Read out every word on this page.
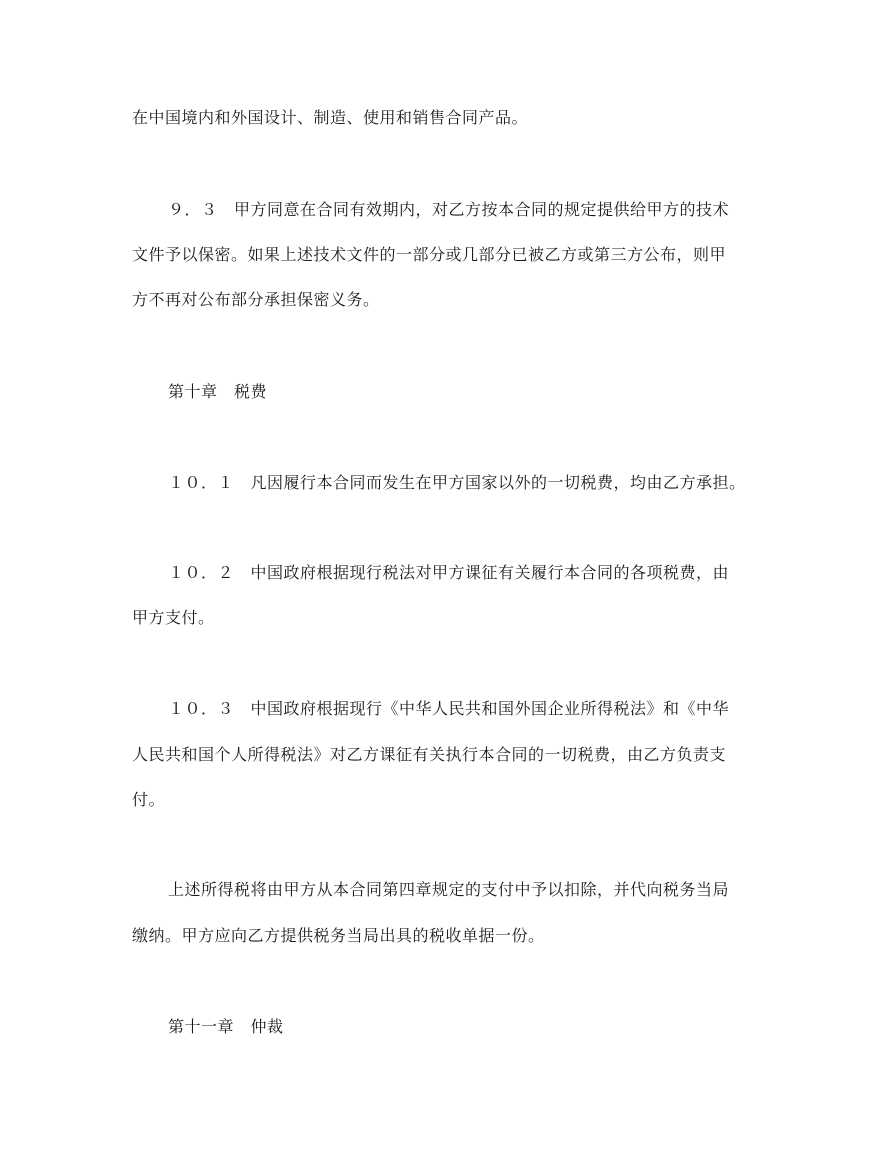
在中国境内和外国设计、制造、使用和销售合同产品。
９．３　甲方同意在合同有效期内，对乙方按本合同的规定提供给甲方的技术
文件予以保密。如果上述技术文件的一部分或几部分已被乙方或第三方公布，则甲
方不再对公布部分承担保密义务。
第十章　税费
１０．１　凡因履行本合同而发生在甲方国家以外的一切税费，均由乙方承担。
１０．２　中国政府根据现行税法对甲方课征有关履行本合同的各项税费，由
甲方支付。
１０．３　中国政府根据现行《中华人民共和国外国企业所得税法》和《中华
人民共和国个人所得税法》对乙方课征有关执行本合同的一切税费，由乙方负责支
付。
上述所得税将由甲方从本合同第四章规定的支付中予以扣除，并代向税务当局
缴纳。甲方应向乙方提供税务当局出具的税收单据一份。
第十一章　仲裁
